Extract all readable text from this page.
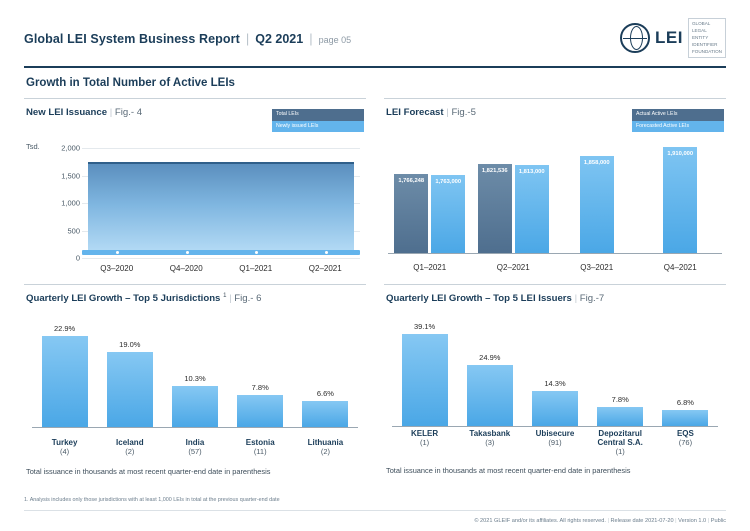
Global LEI System Business Report | Q2 2021 | page 05	LEI
GLOBAL
LEGAL
ENTITY
IDENTIFIER
FOUNDATION
Growth in Total Number of Active LEIs
New LEI Issuance | Fig.- 4	Total LEIs
Newly issued LEIs
Tsd.	2,000
1,500
1,000
500
0
Q3–2020	Q4–2020	Q1–2021	Q2–2021
LEI Forecast | Fig.-5	Actual Active LEIs
Forecasted Active LEIs
1,766,248	1,763,000
1,821,536	1,813,000
1,858,000
1,910,000
Q1–2021	Q2–2021	Q3–2021	Q4–2021
Quarterly LEI Growth – Top 5 Jurisdictions $^1$ | Fig.- 6
22.9%
19.0%
10.3%
7.8%
6.6%
Turkey
(4)
Iceland
(2)
India
(57)
Estonia
(11)
Lithuania
(2)
Total issuance in thousands at most recent quarter-end date in parenthesis
Quarterly LEI Growth – Top 5 LEI Issuers | Fig.-7
39.1%
24.9%
14.3%
7.8%	6.8%
KELER
(1)
Takasbank
(3)
Ubisecure
(91)
Depozitarul Central S.A.
(1)
EQS
(76)
Total issuance in thousands at most recent quarter-end date in parenthesis
1. Analysis includes only those jurisdictions with at least 1,000 LEIs in total at the previous quarter-end date
© 2021 GLEIF and/or its affiliates. All rights reserved. | Release date 2021-07-20 | Version 1.0 | Public
